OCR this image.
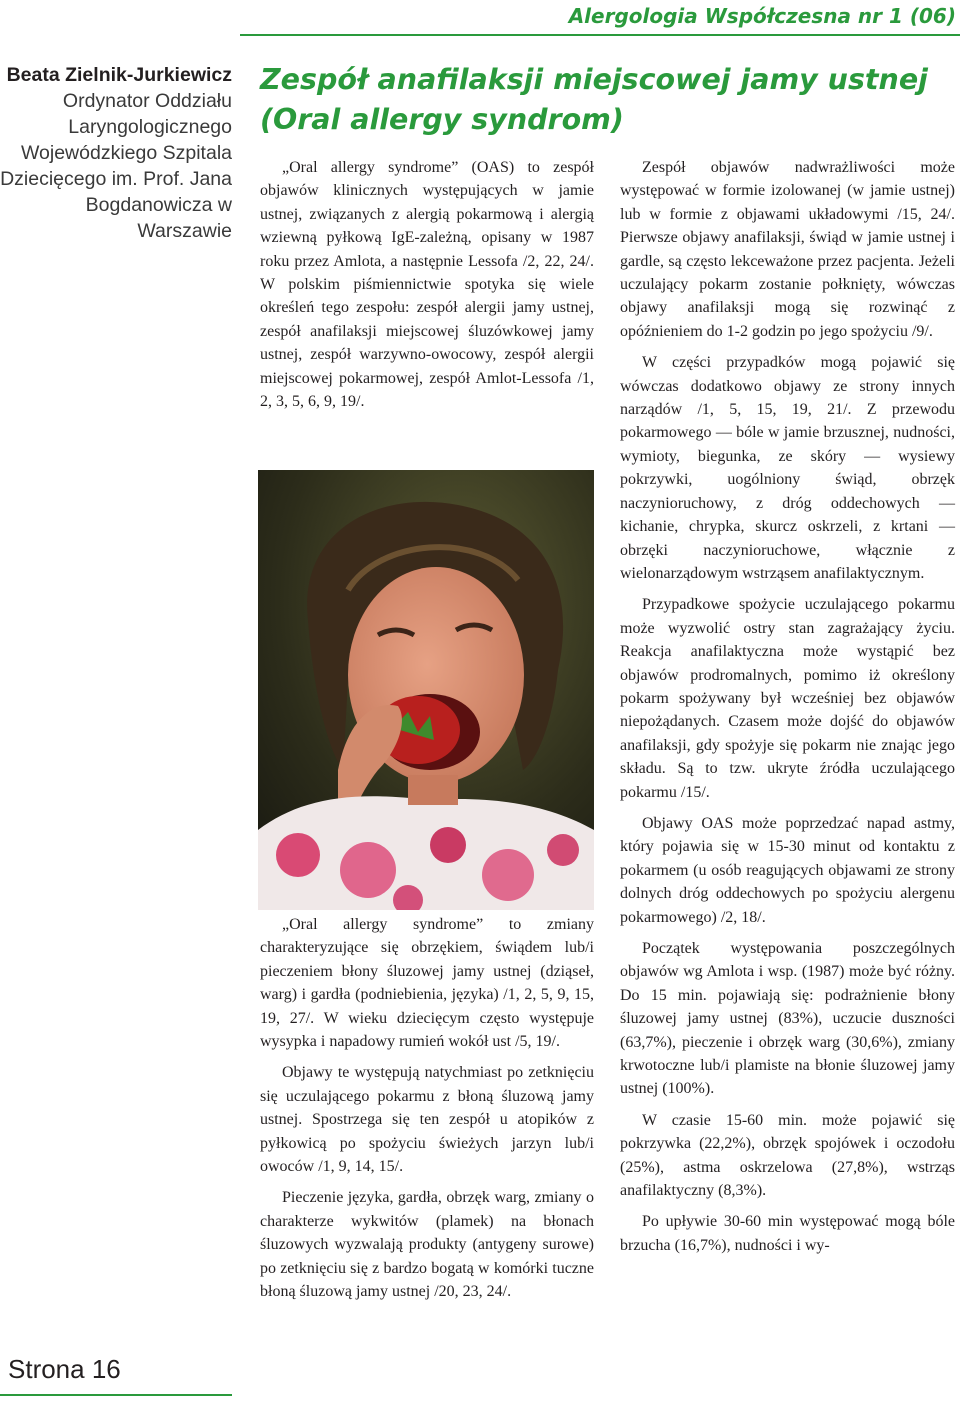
Alergologia Współczesna nr 1 (06)
Beata Zielnik-Jurkiewicz
Ordynator Oddziału Laryngologicznego Wojewódzkiego Szpitala Dziecięcego im. Prof. Jana Bogdanowicza w Warszawie
Strona 16
Zespół anafilaksji miejscowej jamy ustnej (Oral allergy syndrom)

„Oral allergy syndrome” (OAS) to zespół objawów klinicznych występujących w jamie ustnej, związanych z alergią pokarmową i alergią wziewną pyłkową IgE-zależną, opisany w 1987 roku przez Amlota, a następnie Lessofa /2, 22, 24/. W polskim piśmiennictwie spotyka się wiele określeń tego zespołu: zespół alergii jamy ustnej, zespół anafilaksji miejscowej śluzówkowej jamy ustnej, zespół warzywno-owocowy, zespół alergii miejscowej pokarmowej, zespół Amlot-Lessofa /1, 2, 3, 5, 6, 9, 19/.

„Oral allergy syndrome” to zmiany charakteryzujące się obrzękiem, świądem lub/i pieczeniem błony śluzowej jamy ustnej (dziąseł, warg) i gardła (podniebienia, języka) /1, 2, 5, 9, 15, 19, 27/. W wieku dziecięcym często występuje wysypka i napadowy rumień wokół ust /5, 19/.

Objawy te występują natychmiast po zetknięciu się uczulającego pokarmu z błoną śluzową jamy ustnej. Spostrzega się ten zespół u atopików z pyłkowicą po spożyciu świeżych jarzyn lub/i owoców /1, 9, 14, 15/.

Pieczenie języka, gardła, obrzęk warg, zmiany o charakterze wykwitów (plamek) na błonach śluzowych wyzwalają produkty (antygeny surowe) po zetknięciu się z bardzo bogatą w komórki tuczne błoną śluzową jamy ustnej /20, 23, 24/.

Zespół objawów nadwrażliwości może występować w formie izolowanej (w jamie ustnej) lub w formie z objawami układowymi /15, 24/. Pierwsze objawy anafilaksji, świąd w jamie ustnej i gardle, są często lekceważone przez pacjenta. Jeżeli uczulający pokarm zostanie połknięty, wówczas objawy anafilaksji mogą się rozwinąć z opóźnieniem do 1-2 godzin po jego spożyciu /9/.

W części przypadków mogą pojawić się wówczas dodatkowo objawy ze strony innych narządów /1, 5, 15, 19, 21/. Z przewodu pokarmowego — bóle w jamie brzusznej, nudności, wymioty, biegunka, ze skóry — wysiewy pokrzywki, uogólniony świąd, obrzęk naczynioruchowy, z dróg oddechowych — kichanie, chrypka, skurcz oskrzeli, z krtani — obrzęki naczynioruchowe, włącznie z wielonarządowym wstrząsem anafilaktycznym.

Przypadkowe spożycie uczulającego pokarmu może wyzwolić ostry stan zagrażający życiu. Reakcja anafilaktyczna może wystąpić bez objawów prodromalnych, pomimo iż określony pokarm spożywany był wcześniej bez objawów niepożądanych. Czasem może dojść do objawów anafilaksji, gdy spożyje się pokarm nie znając jego składu. Są to tzw. ukryte źródła uczulającego pokarmu /15/.

Objawy OAS może poprzedzać napad astmy, który pojawia się w 15-30 minut od kontaktu z pokarmem (u osób reagujących objawami ze strony dolnych dróg oddechowych po spożyciu alergenu pokarmowego) /2, 18/.

Początek występowania poszczególnych objawów wg Amlota i wsp. (1987) może być różny. Do 15 min. pojawiają się: podrażnienie błony śluzowej jamy ustnej (83%), uczucie duszności (63,7%), pieczenie i obrzęk warg (30,6%), zmiany krwotoczne lub/i plamiste na błonie śluzowej jamy ustnej (100%).

W czasie 15-60 min. może pojawić się pokrzywka (22,2%), obrzęk spojówek i oczodołu (25%), astma oskrzelowa (27,8%), wstrząs anafilaktyczny (8,3%).

Po upływie 30-60 min występować mogą bóle brzucha (16,7%), nudności i wy-
